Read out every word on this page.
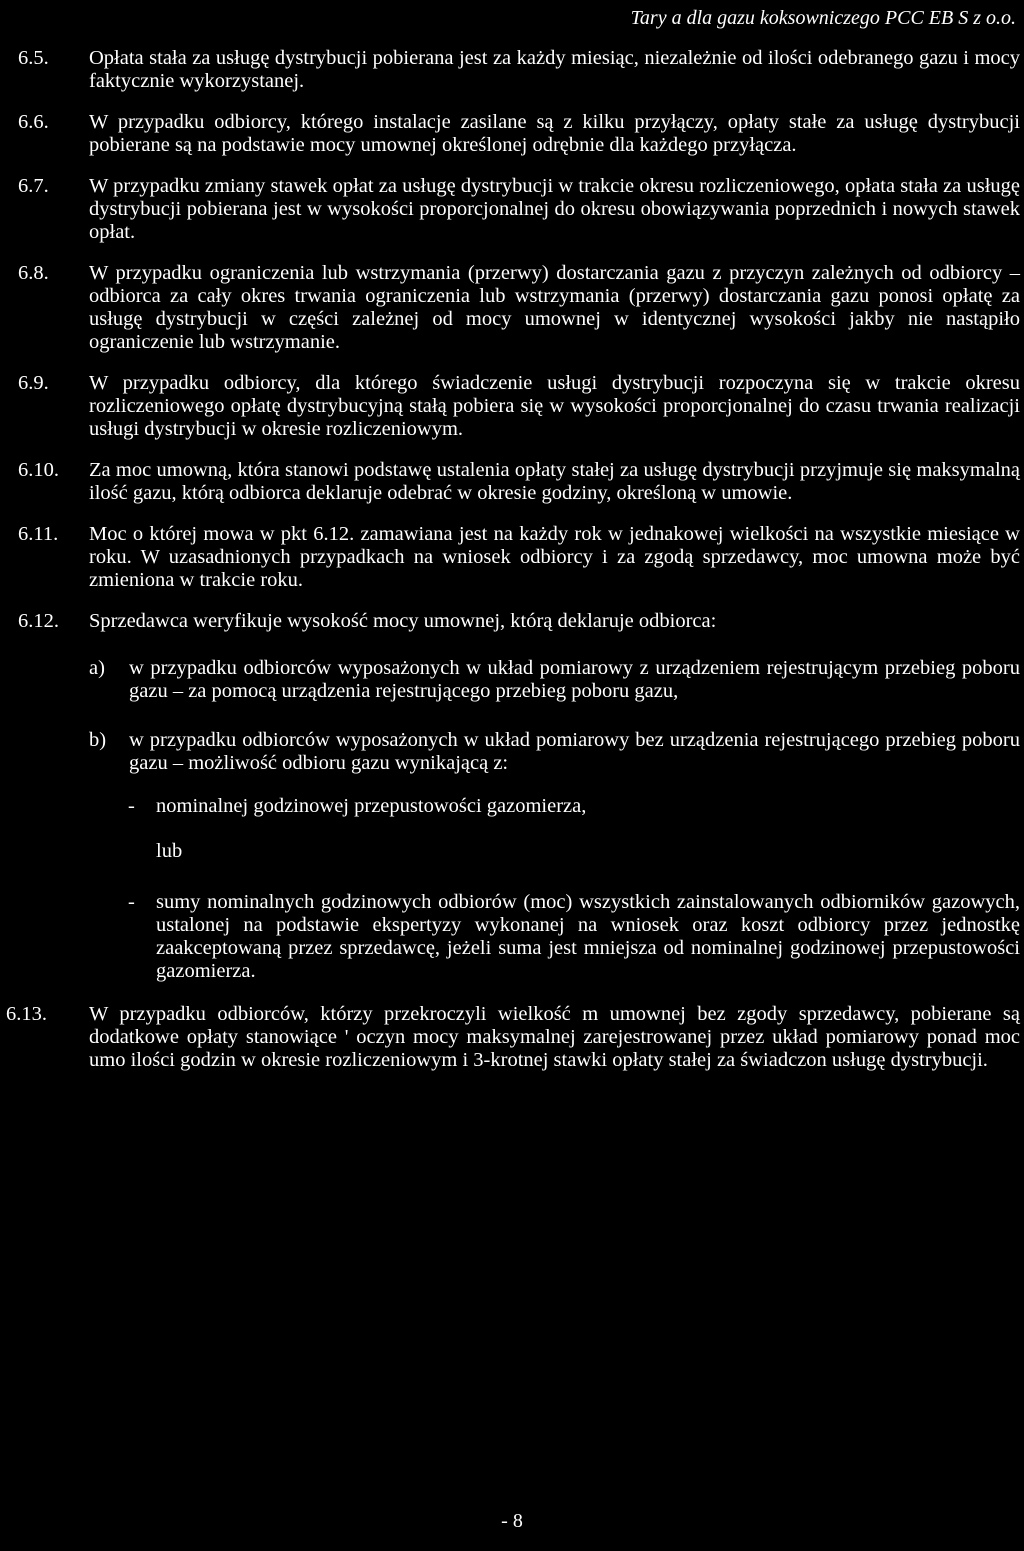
Tary a dla gazu koksowniczego PCC EB S z o.o.
6.5. Opłata stała za usługę dystrybucji pobierana jest za każdy miesiąc, niezależnie od ilości odebranego gazu i mocy faktycznie wykorzystanej.
6.6. W przypadku odbiorcy, którego instalacje zasilane są z kilku przyłączy, opłaty stałe za usługę dystrybucji pobierane są na podstawie mocy umownej określonej odrębnie dla każdego przyłącza.
6.7. W przypadku zmiany stawek opłat za usługę dystrybucji w trakcie okresu rozliczeniowego, opłata stała za usługę dystrybucji pobierana jest w wysokości proporcjonalnej do okresu obowiązywania poprzednich i nowych stawek opłat.
6.8. W przypadku ograniczenia lub wstrzymania (przerwy) dostarczania gazu z przyczyn zależnych od odbiorcy – odbiorca za cały okres trwania ograniczenia lub wstrzymania (przerwy) dostarczania gazu ponosi opłatę za usługę dystrybucji w części zależnej od mocy umownej w identycznej wysokości jakby nie nastąpiło ograniczenie lub wstrzymanie.
6.9. W przypadku odbiorcy, dla którego świadczenie usługi dystrybucji rozpoczyna się w trakcie okresu rozliczeniowego opłatę dystrybucyjną stałą pobiera się w wysokości proporcjonalnej do czasu trwania realizacji usługi dystrybucji w okresie rozliczeniowym.
6.10. Za moc umowną, która stanowi podstawę ustalenia opłaty stałej za usługę dystrybucji przyjmuje się maksymalną ilość gazu, którą odbiorca deklaruje odebrać w okresie godziny, określoną w umowie.
6.11. Moc o której mowa w pkt 6.12. zamawiana jest na każdy rok w jednakowej wielkości na wszystkie miesiące w roku. W uzasadnionych przypadkach na wniosek odbiorcy i za zgodą sprzedawcy, moc umowna może być zmieniona w trakcie roku.
6.12. Sprzedawca weryfikuje wysokość mocy umownej, którą deklaruje odbiorca:
a) w przypadku odbiorców wyposażonych w układ pomiarowy z urządzeniem rejestrującym przebieg poboru gazu – za pomocą urządzenia rejestrującego przebieg poboru gazu,
b) w przypadku odbiorców wyposażonych w układ pomiarowy bez urządzenia rejestrującego przebieg poboru gazu – możliwość odbioru gazu wynikającą z:
- nominalnej godzinowej przepustowości gazomierza,
lub
- sumy nominalnych godzinowych odbiorów (moc) wszystkich zainstalowanych odbiorników gazowych, ustalonej na podstawie ekspertyzy wykonanej na wniosek oraz koszt odbiorcy przez jednostkę zaakceptowaną przez sprzedawcę, jeżeli suma jest mniejsza od nominalnej godzinowej przepustowości gazomierza.
6.13. W przypadku odbiorców, którzy przekroczyli wielkość m umownej bez zgody sprzedawcy, pobierane są dodatkowe opłaty stanowiące ' oczyn mocy maksymalnej zarejestrowanej przez układ pomiarowy ponad moc umo ilości godzin w okresie rozliczeniowym i 3-krotnej stawki opłaty stałej za świadczon usługę dystrybucji.
- 8
